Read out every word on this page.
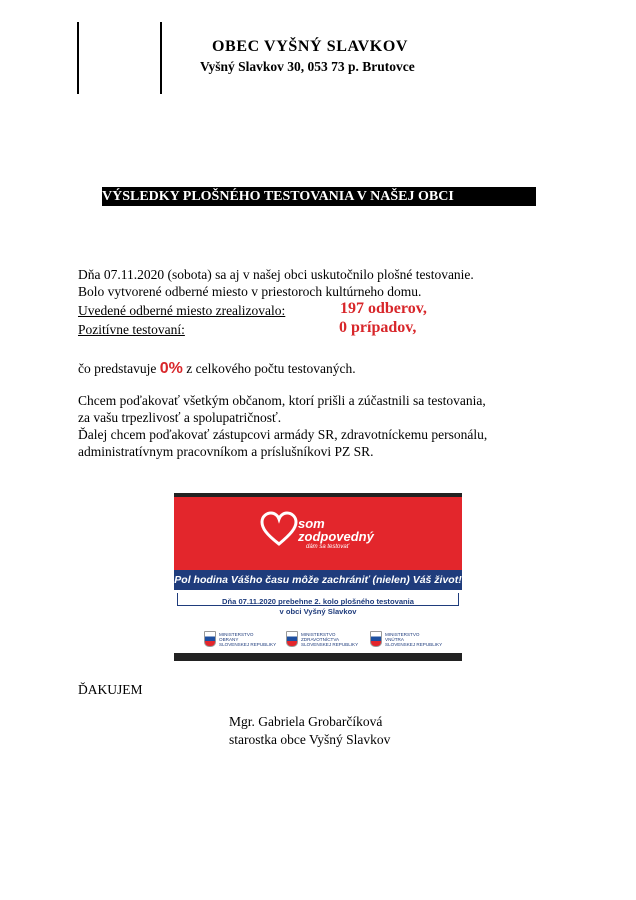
OBEC VYŠNÝ SLAVKOV
Vyšný Slavkov 30, 053 73 p. Brutovce
VÝSLEDKY PLOŠNÉHO TESTOVANIA V NAŠEJ OBCI
Dňa 07.11.2020 (sobota) sa aj v našej obci uskutočnilo plošné testovanie.
Bolo vytvorené odberné miesto v priestoroch kultúrneho domu.
Uvedené odberné miesto zrealizovalo:	197 odberov,
Pozitívne testovaní:	0 prípadov,
čo predstavuje 0% z celkového počtu testovaných.
Chcem poďakovať všetkým občanom, ktorí prišli a zúčastnili sa testovania,
za vašu trpezlivosť a spolupatričnosť.
Ďalej chcem poďakovať zástupcovi armády SR, zdravotníckemu personálu,
administratívnym pracovníkom a príslušníkovi PZ SR.
som
zodpovedný
dám sa testovať
Pol hodina Vášho času môže zachrániť (nielen) Váš život!
Dňa 07.11.2020 prebehne 2. kolo plošného testovania
v obci Vyšný Slavkov
MINISTERSTVO
OBRANY
SLOVENSKEJ REPUBLIKY
MINISTERSTVO
ZDRAVOTNÍCTVA
SLOVENSKEJ REPUBLIKY
MINISTERSTVO
VNÚTRA
SLOVENSKEJ REPUBLIKY
ĎAKUJEM
Mgr. Gabriela Grobarčíková
starostka obce Vyšný Slavkov
